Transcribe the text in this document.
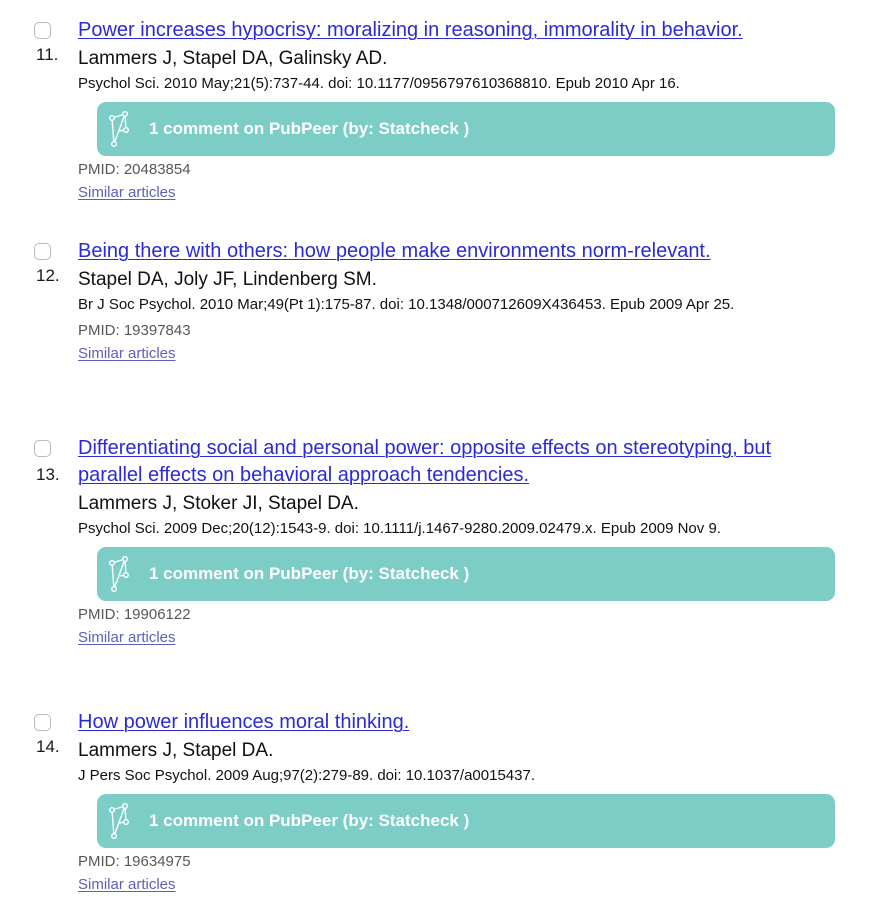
11.
Power increases hypocrisy: moralizing in reasoning, immorality in behavior.
Lammers J, Stapel DA, Galinsky AD.
Psychol Sci. 2010 May;21(5):737-44. doi: 10.1177/0956797610368810. Epub 2010 Apr 16.
1 comment on PubPeer (by: Statcheck )
PMID: 20483854
Similar articles
12.
Being there with others: how people make environments norm-relevant.
Stapel DA, Joly JF, Lindenberg SM.
Br J Soc Psychol. 2010 Mar;49(Pt 1):175-87. doi: 10.1348/000712609X436453. Epub 2009 Apr 25.
PMID: 19397843
Similar articles
13.
Differentiating social and personal power: opposite effects on stereotyping, but parallel effects on behavioral approach tendencies.
Lammers J, Stoker JI, Stapel DA.
Psychol Sci. 2009 Dec;20(12):1543-9. doi: 10.1111/j.1467-9280.2009.02479.x. Epub 2009 Nov 9.
1 comment on PubPeer (by: Statcheck )
PMID: 19906122
Similar articles
14.
How power influences moral thinking.
Lammers J, Stapel DA.
J Pers Soc Psychol. 2009 Aug;97(2):279-89. doi: 10.1037/a0015437.
1 comment on PubPeer (by: Statcheck )
PMID: 19634975
Similar articles
